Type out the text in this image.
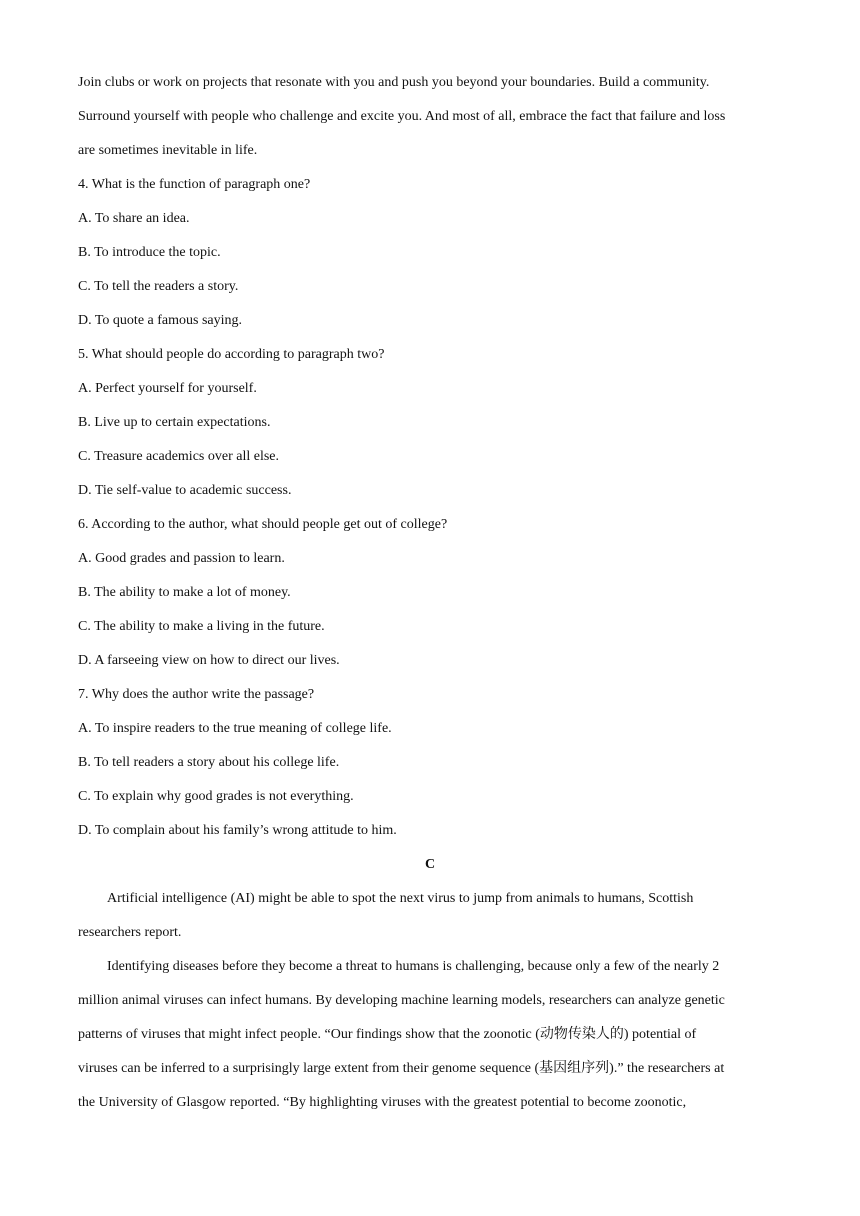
Join clubs or work on projects that resonate with you and push you beyond your boundaries. Build a community.
Surround yourself with people who challenge and excite you. And most of all, embrace the fact that failure and loss
are sometimes inevitable in life.
4. What is the function of paragraph one?
A. To share an idea.
B. To introduce the topic.
C. To tell the readers a story.
D. To quote a famous saying.
5. What should people do according to paragraph two?
A. Perfect yourself for yourself.
B. Live up to certain expectations.
C. Treasure academics over all else.
D. Tie self-value to academic success.
6. According to the author, what should people get out of college?
A. Good grades and passion to learn.
B. The ability to make a lot of money.
C. The ability to make a living in the future.
D. A farseeing view on how to direct our lives.
7. Why does the author write the passage?
A. To inspire readers to the true meaning of college life.
B. To tell readers a story about his college life.
C. To explain why good grades is not everything.
D. To complain about his family’s wrong attitude to him.
C
Artificial intelligence (AI) might be able to spot the next virus to jump from animals to humans, Scottish
researchers report.
Identifying diseases before they become a threat to humans is challenging, because only a few of the nearly 2
million animal viruses can infect humans. By developing machine learning models, researchers can analyze genetic
patterns of viruses that might infect people. “Our findings show that the zoonotic (动物传染人的) potential of
viruses can be inferred to a surprisingly large extent from their genome sequence (基因组序列).” the researchers at
the University of Glasgow reported. “By highlighting viruses with the greatest potential to become zoonotic,
